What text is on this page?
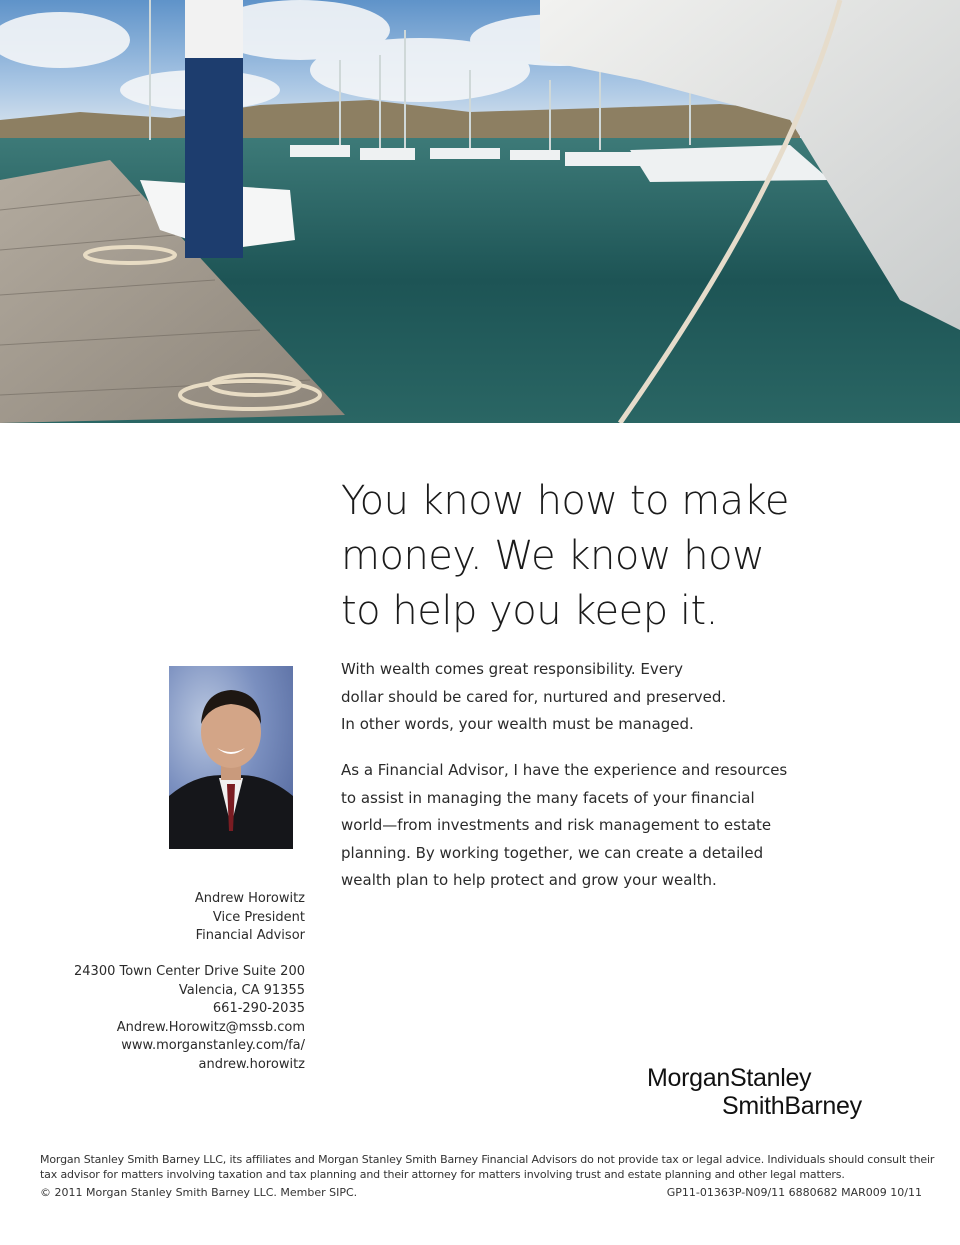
You know how to make
money. We know how
to help you keep it.
With wealth comes great responsibility. Every
dollar should be cared for, nurtured and preserved.
In other words, your wealth must be managed.
As a Financial Advisor, I have the experience and resources
to assist in managing the many facets of your financial
world—from investments and risk management to estate
planning. By working together, we can create a detailed
wealth plan to help protect and grow your wealth.
Andrew Horowitz
Vice President
Financial Advisor
24300 Town Center Drive Suite 200
Valencia, CA 91355
661-290-2035
Andrew.Horowitz@mssb.com
www.morganstanley.com/fa/
andrew.horowitz	MorganStanley
SmithBarney
Morgan Stanley Smith Barney LLC, its affiliates and Morgan Stanley Smith Barney Financial Advisors do not provide tax or legal advice. Individuals should consult their
tax advisor for matters involving taxation and tax planning and their attorney for matters involving trust and estate planning and other legal matters.
© 2011 Morgan Stanley Smith Barney LLC. Member SIPC.	GP11-01363P-N09/11 6880682 MAR009 10/11
